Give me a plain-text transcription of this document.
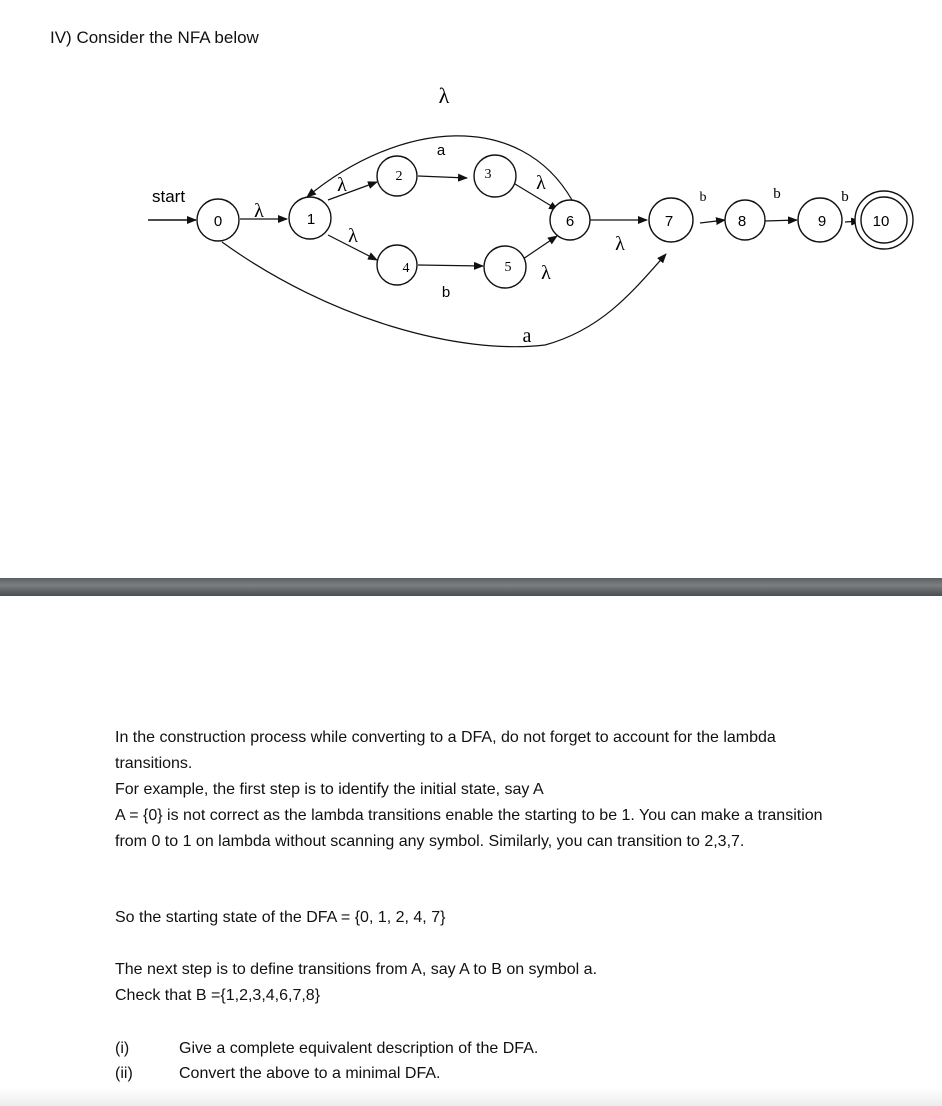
IV) Consider the NFA below
start
0	1
2	3
4	5
6	7	8	9	10
λ
λ
λ
λ
a
b
λ
λ
λ
a
b	b	b
In the construction process while converting to a DFA, do not forget to account for the lambda transitions.
For example, the first step is to identify the initial state, say A
A = {0} is not correct as the lambda transitions enable the starting to be 1. You can make a transition from 0 to 1 on lambda without scanning any symbol. Similarly, you can transition to 2,3,7.
So the starting state of the DFA = {0, 1, 2, 4, 7}
The next step is to define transitions from A, say A to B on symbol a.
Check that B ={1,2,3,4,6,7,8}
(i)	Give a complete equivalent description of the DFA.
(ii)	Convert the above to a minimal DFA.
